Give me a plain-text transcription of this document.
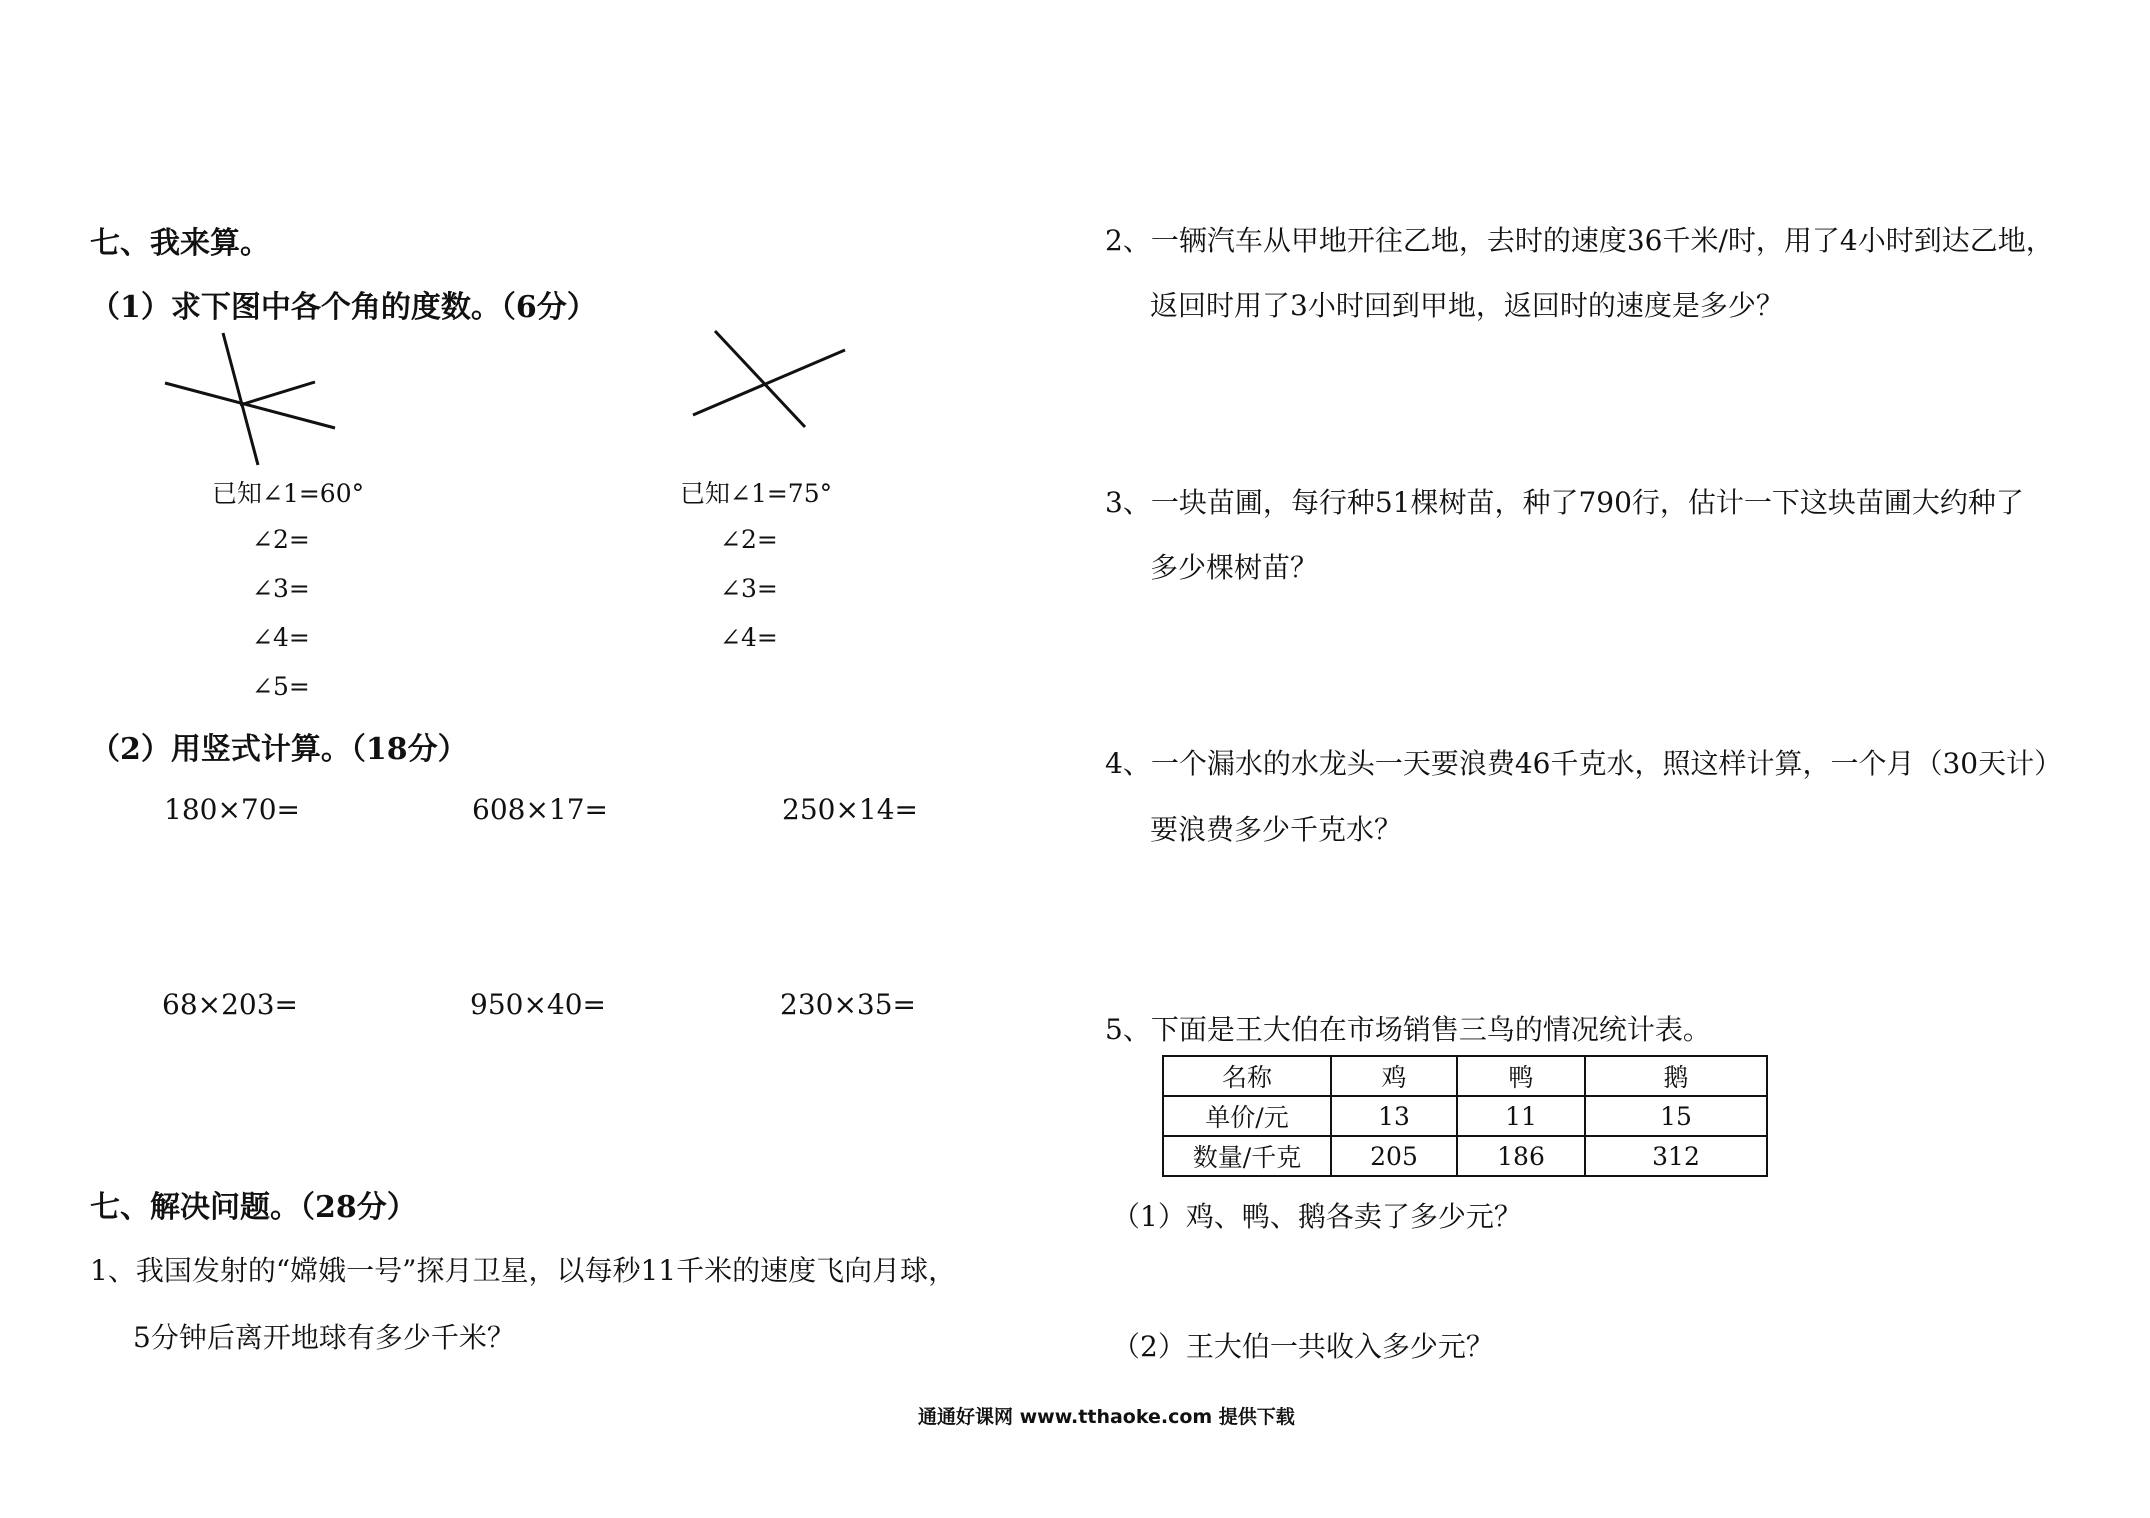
七、我来算。
（1）求下图中各个角的度数。（6分）
已知∠1=60°
∠2=
∠3=
∠4=
∠5=
已知∠1=75°
∠2=
∠3=
∠4=
（2）用竖式计算。（18分）
180×70=	608×17=	250×14=
68×203=	950×40=	230×35=
七、解决问题。（28分）
1、我国发射的“嫦娥一号”探月卫星，以每秒11千米的速度飞向月球，
5分钟后离开地球有多少千米？
2、一辆汽车从甲地开往乙地，去时的速度36千米/时，用了4小时到达乙地，
返回时用了3小时回到甲地，返回时的速度是多少？
3、一块苗圃，每行种51棵树苗，种了790行，估计一下这块苗圃大约种了
多少棵树苗？
4、一个漏水的水龙头一天要浪费46千克水，照这样计算，一个月（30天计）
要浪费多少千克水？
5、下面是王大伯在市场销售三鸟的情况统计表。
名称	鸡	鸭	鹅
单价/元	13	11	15
数量/千克	205	186	312
（1）鸡、鸭、鹅各卖了多少元？
（2）王大伯一共收入多少元？
通通好课网 www.tthaoke.com 提供下载
